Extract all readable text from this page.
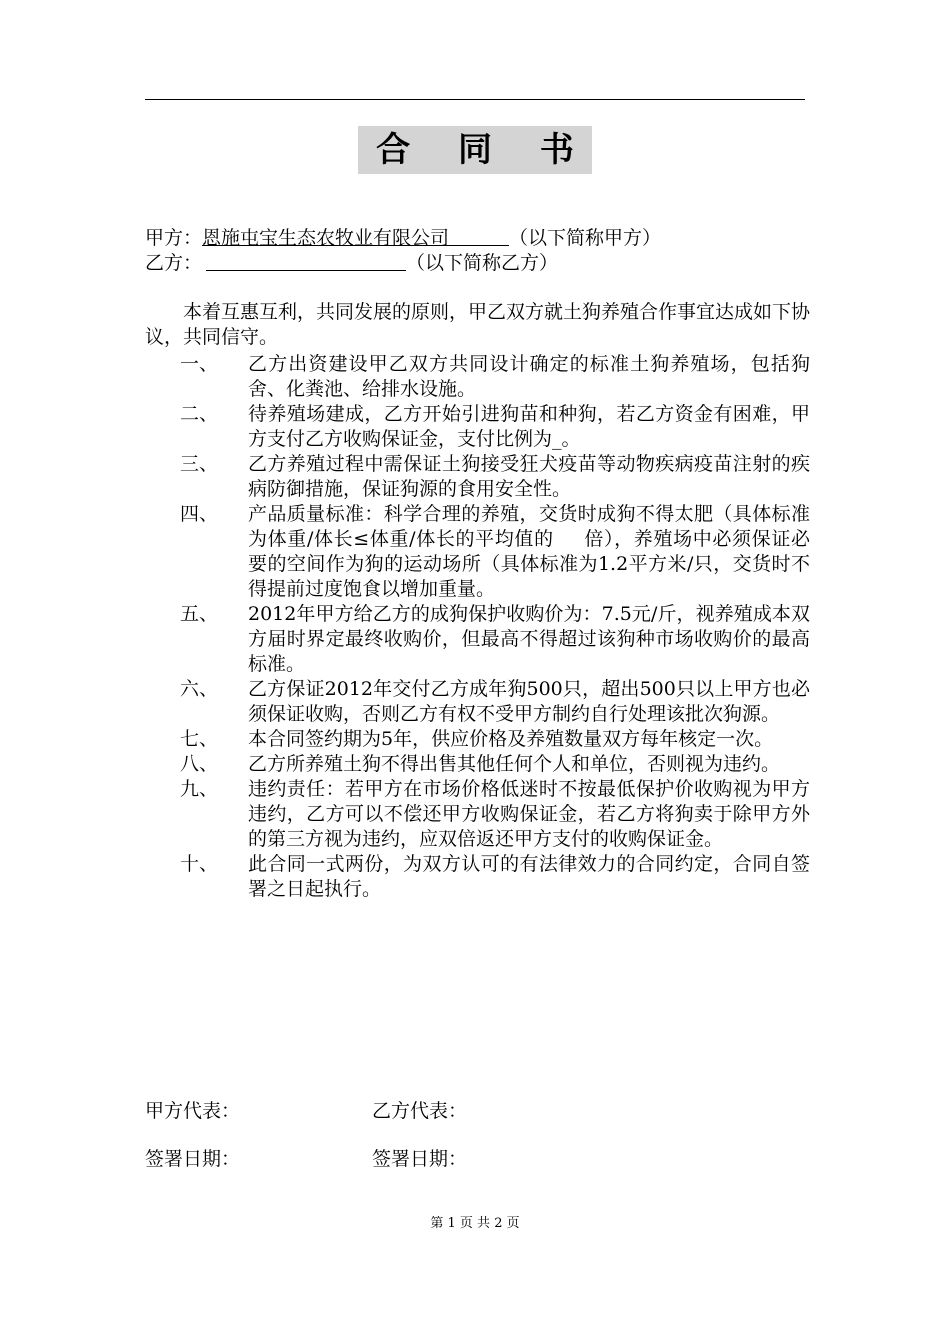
合 同 书
甲方：恩施屯宝生态农牧业有限公司	（以下简称甲方）
乙方：	（以下简称乙方）
本着互惠互利，共同发展的原则，甲乙双方就土狗养殖合作事宜达成如下协议，共同信守。
一、	乙方出资建设甲乙双方共同设计确定的标准土狗养殖场，包括狗舍、化粪池、给排水设施。
二、	待养殖场建成，乙方开始引进狗苗和种狗，若乙方资金有困难，甲方支付乙方收购保证金，支付比例为_。
三、	乙方养殖过程中需保证土狗接受狂犬疫苗等动物疾病疫苗注射的疾病防御措施，保证狗源的食用安全性。
四、	产品质量标准：科学合理的养殖，交货时成狗不得太肥（具体标准为体重/体长≤体重/体长的平均值的 倍），养殖场中必须保证必要的空间作为狗的运动场所（具体标准为1.2平方米/只，交货时不得提前过度饱食以增加重量。
五、	2012年甲方给乙方的成狗保护收购价为：7.5元/斤，视养殖成本双方届时界定最终收购价，但最高不得超过该狗种市场收购价的最高标准。
六、	乙方保证2012年交付乙方成年狗500只，超出500只以上甲方也必须保证收购，否则乙方有权不受甲方制约自行处理该批次狗源。
七、	本合同签约期为5年，供应价格及养殖数量双方每年核定一次。
八、	乙方所养殖土狗不得出售其他任何个人和单位，否则视为违约。
九、	违约责任：若甲方在市场价格低迷时不按最低保护价收购视为甲方违约，乙方可以不偿还甲方收购保证金，若乙方将狗卖于除甲方外的第三方视为违约，应双倍返还甲方支付的收购保证金。
十、	此合同一式两份，为双方认可的有法律效力的合同约定，合同自签署之日起执行。
甲方代表：	乙方代表：
签署日期：	签署日期：
第 1 页 共 2 页
